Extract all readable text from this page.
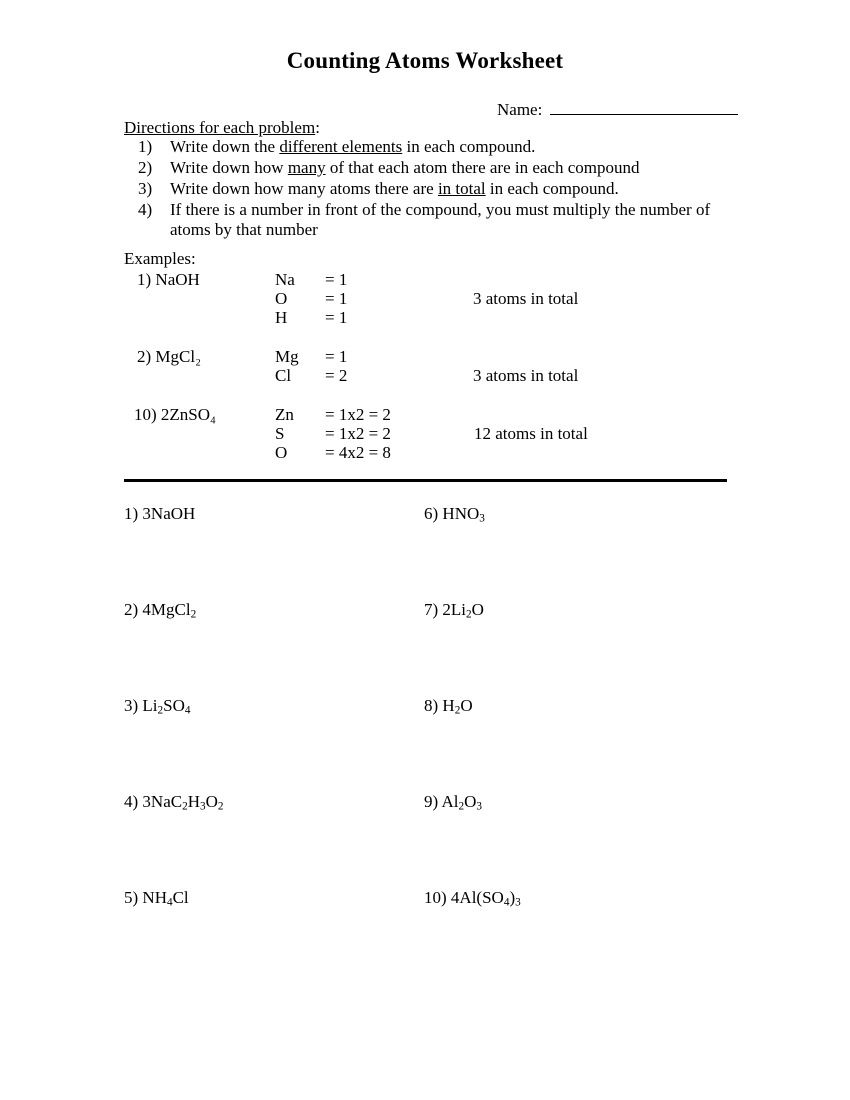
Counting Atoms Worksheet
Name:
Directions for each problem:
1)	Write down the different elements in each compound.
2)	Write down how many of that each atom there are in each compound
3)	Write down how many atoms there are in total in each compound.
4)	If there is a number in front of the compound, you must multiply the number of atoms by that number
Examples:
1) NaOH	Na = 1
O = 1
H = 1
3 atoms in total
2) MgCl₂	Mg = 1
Cl = 2	3 atoms in total
10) 2ZnSO₄	Zn = 1x2 = 2
S = 1x2 = 2
O = 4x2 = 8
12 atoms in total
1) 3NaOH
2) 4MgCl$_2$
3) $Li_2SO_4$
4) $3NaC_2H_3O_2$
5) $NH_4Cl$
6) $HNO_3$
7) $2Li_2O$
8) $H_2O$
9) $Al_2O_3$
10) $4Al(SO_4)_3$
